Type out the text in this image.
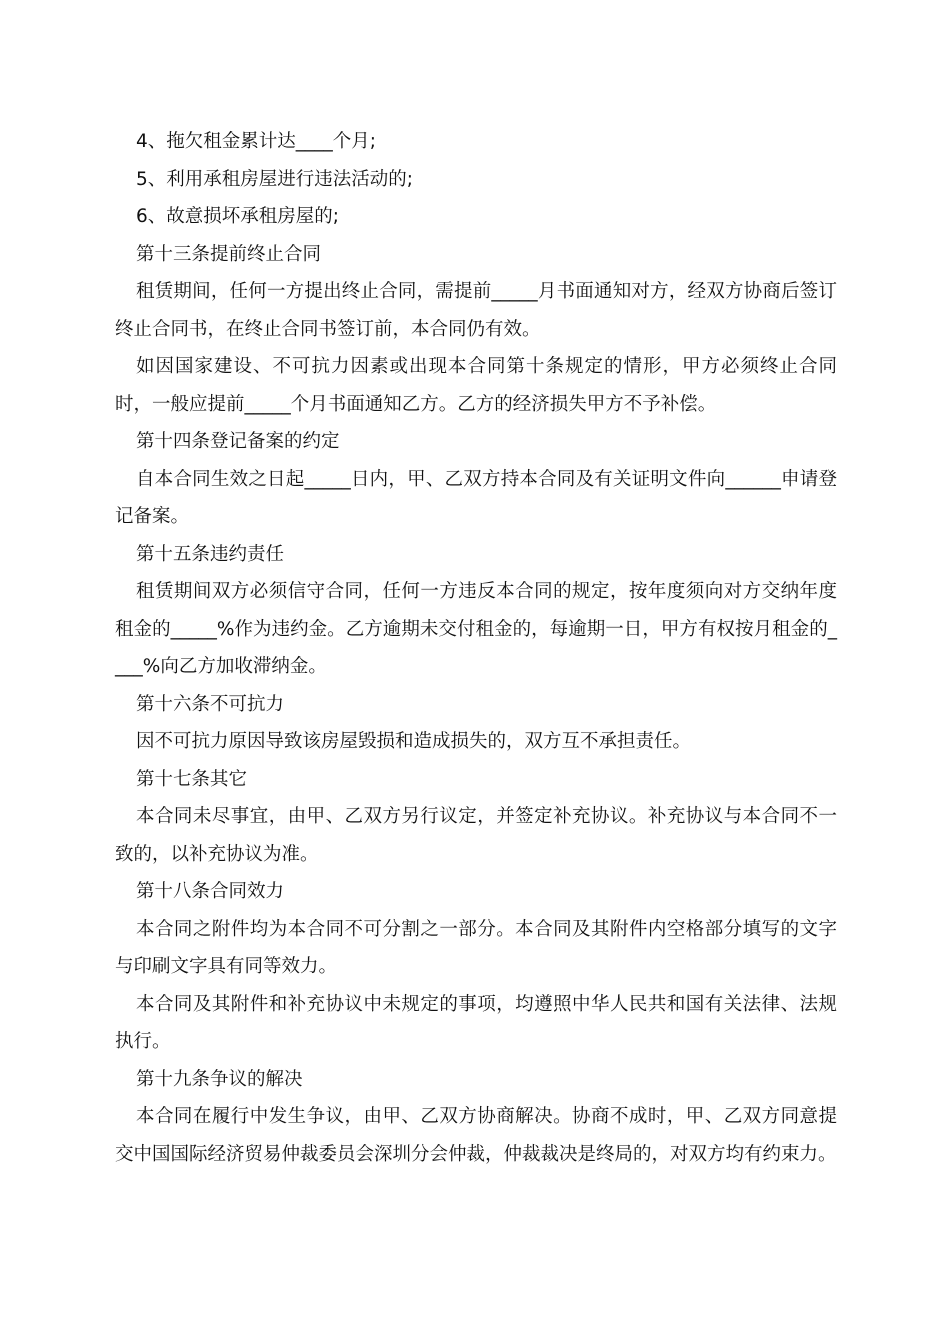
4、拖欠租金累计达____个月;

5、利用承租房屋进行违法活动的;

6、故意损坏承租房屋的;

第十三条提前终止合同

租赁期间，任何一方提出终止合同，需提前_____月书面通知对方，经双方协商后签订终止合同书，在终止合同书签订前，本合同仍有效。

如因国家建设、不可抗力因素或出现本合同第十条规定的情形，甲方必须终止合同时，一般应提前_____个月书面通知乙方。乙方的经济损失甲方不予补偿。

第十四条登记备案的约定

自本合同生效之日起_____日内，甲、乙双方持本合同及有关证明文件向______申请登记备案。

第十五条违约责任

租赁期间双方必须信守合同，任何一方违反本合同的规定，按年度须向对方交纳年度租金的_____%作为违约金。乙方逾期未交付租金的，每逾期一日，甲方有权按月租金的____%向乙方加收滞纳金。

第十六条不可抗力

因不可抗力原因导致该房屋毁损和造成损失的，双方互不承担责任。

第十七条其它

本合同未尽事宜，由甲、乙双方另行议定，并签定补充协议。补充协议与本合同不一致的，以补充协议为准。

第十八条合同效力

本合同之附件均为本合同不可分割之一部分。本合同及其附件内空格部分填写的文字与印刷文字具有同等效力。

本合同及其附件和补充协议中未规定的事项，均遵照中华人民共和国有关法律、法规执行。

第十九条争议的解决

本合同在履行中发生争议，由甲、乙双方协商解决。协商不成时，甲、乙双方同意提交中国国际经济贸易仲裁委员会深圳分会仲裁，仲裁裁决是终局的，对双方均有约束力。
